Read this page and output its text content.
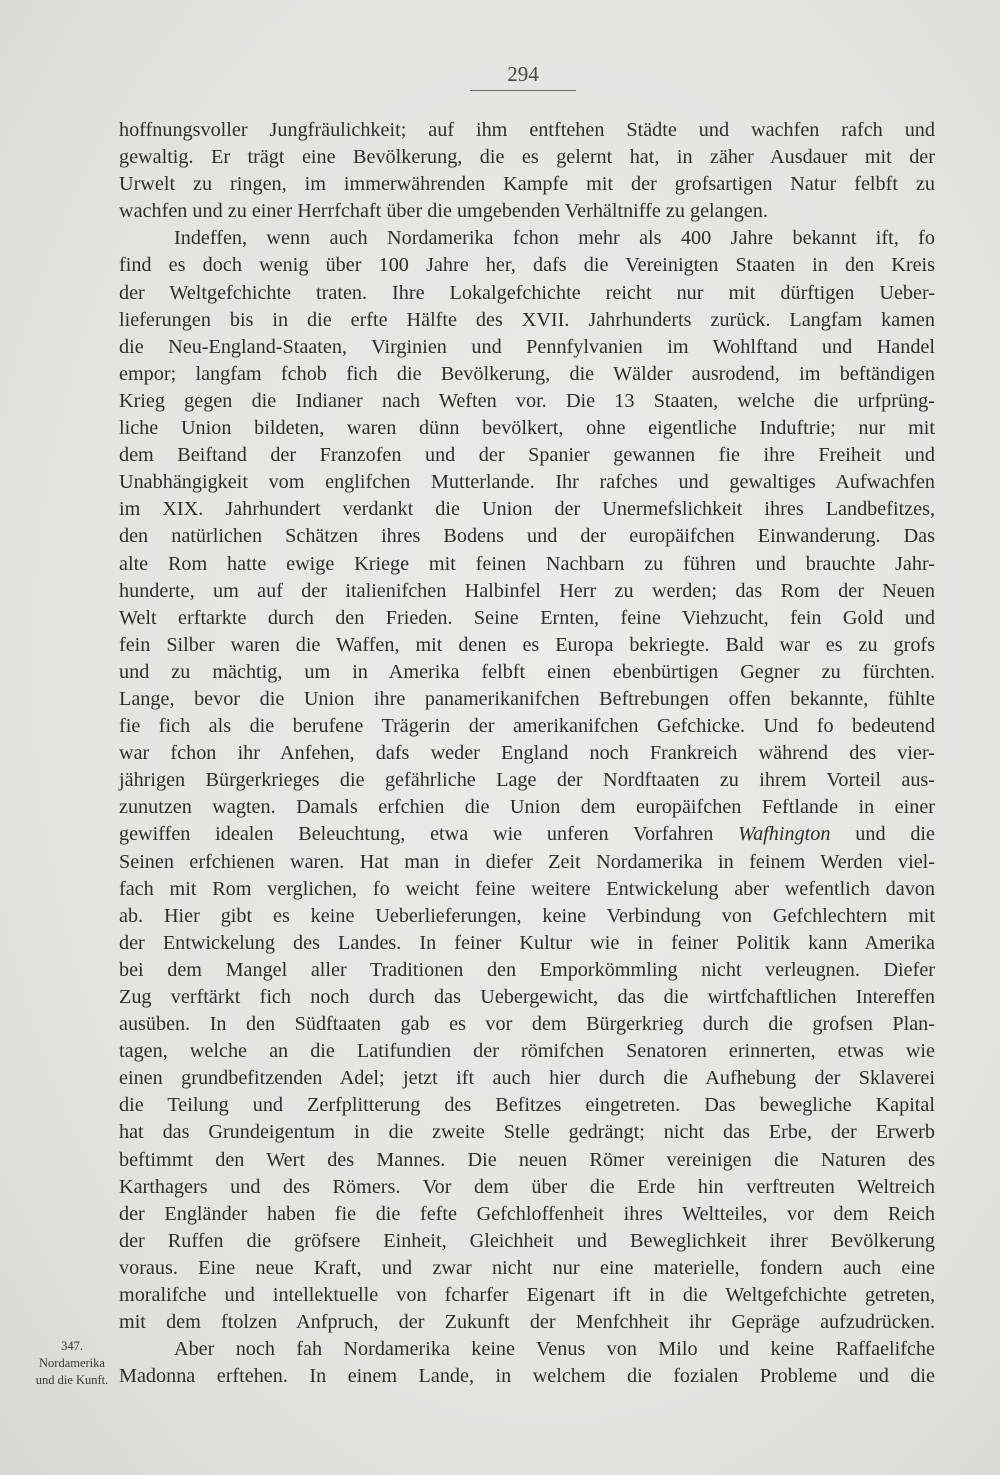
294
hoffnungsvoller Jungfräulichkeit; auf ihm entftehen Städte und wachfen rafch und
gewaltig. Er trägt eine Bevölkerung, die es gelernt hat, in zäher Ausdauer mit der
Urwelt zu ringen, im immerwährenden Kampfe mit der grofsartigen Natur felbft zu
wachfen und zu einer Herrfchaft über die umgebenden Verhältniffe zu gelangen.
Indeffen, wenn auch Nordamerika fchon mehr als 400 Jahre bekannt ift, fo
find es doch wenig über 100 Jahre her, dafs die Vereinigten Staaten in den Kreis
der Weltgefchichte traten. Ihre Lokalgefchichte reicht nur mit dürftigen Ueber-
lieferungen bis in die erfte Hälfte des XVII. Jahrhunderts zurück. Langfam kamen
die Neu-England-Staaten, Virginien und Pennfylvanien im Wohlftand und Handel
empor; langfam fchob fich die Bevölkerung, die Wälder ausrodend, im beftändigen
Krieg gegen die Indianer nach Weften vor. Die 13 Staaten, welche die urfprüng-
liche Union bildeten, waren dünn bevölkert, ohne eigentliche Induftrie; nur mit
dem Beiftand der Franzofen und der Spanier gewannen fie ihre Freiheit und
Unabhängigkeit vom englifchen Mutterlande. Ihr rafches und gewaltiges Aufwachfen
im XIX. Jahrhundert verdankt die Union der Unermefslichkeit ihres Landbefitzes,
den natürlichen Schätzen ihres Bodens und der europäifchen Einwanderung. Das
alte Rom hatte ewige Kriege mit feinen Nachbarn zu führen und brauchte Jahr-
hunderte, um auf der italienifchen Halbinfel Herr zu werden; das Rom der Neuen
Welt erftarkte durch den Frieden. Seine Ernten, feine Viehzucht, fein Gold und
fein Silber waren die Waffen, mit denen es Europa bekriegte. Bald war es zu grofs
und zu mächtig, um in Amerika felbft einen ebenbürtigen Gegner zu fürchten.
Lange, bevor die Union ihre panamerikanifchen Beftrebungen offen bekannte, fühlte
fie fich als die berufene Trägerin der amerikanifchen Gefchicke. Und fo bedeutend
war fchon ihr Anfehen, dafs weder England noch Frankreich während des vier-
jährigen Bürgerkrieges die gefährliche Lage der Nordftaaten zu ihrem Vorteil aus-
zunutzen wagten. Damals erfchien die Union dem europäifchen Feftlande in einer
gewiffen idealen Beleuchtung, etwa wie unferen Vorfahren Wafhington und die
Seinen erfchienen waren. Hat man in diefer Zeit Nordamerika in feinem Werden viel-
fach mit Rom verglichen, fo weicht feine weitere Entwickelung aber wefentlich davon
ab. Hier gibt es keine Ueberlieferungen, keine Verbindung von Gefchlechtern mit
der Entwickelung des Landes. In feiner Kultur wie in feiner Politik kann Amerika
bei dem Mangel aller Traditionen den Emporkömmling nicht verleugnen. Diefer
Zug verftärkt fich noch durch das Uebergewicht, das die wirtfchaftlichen Intereffen
ausüben. In den Südftaaten gab es vor dem Bürgerkrieg durch die grofsen Plan-
tagen, welche an die Latifundien der römifchen Senatoren erinnerten, etwas wie
einen grundbefitzenden Adel; jetzt ift auch hier durch die Aufhebung der Sklaverei
die Teilung und Zerfplitterung des Befitzes eingetreten. Das bewegliche Kapital
hat das Grundeigentum in die zweite Stelle gedrängt; nicht das Erbe, der Erwerb
beftimmt den Wert des Mannes. Die neuen Römer vereinigen die Naturen des
Karthagers und des Römers. Vor dem über die Erde hin verftreuten Weltreich
der Engländer haben fie die fefte Gefchloffenheit ihres Weltteiles, vor dem Reich
der Ruffen die gröfsere Einheit, Gleichheit und Beweglichkeit ihrer Bevölkerung
voraus. Eine neue Kraft, und zwar nicht nur eine materielle, fondern auch eine
moralifche und intellektuelle von fcharfer Eigenart ift in die Weltgefchichte getreten,
mit dem ftolzen Anfpruch, der Zukunft der Menfchheit ihr Gepräge aufzudrücken.
Aber noch fah Nordamerika keine Venus von Milo und keine Raffaelifche
Madonna erftehen. In einem Lande, in welchem die fozialen Probleme und die
347.
Nordamerika
und die Kunft.
